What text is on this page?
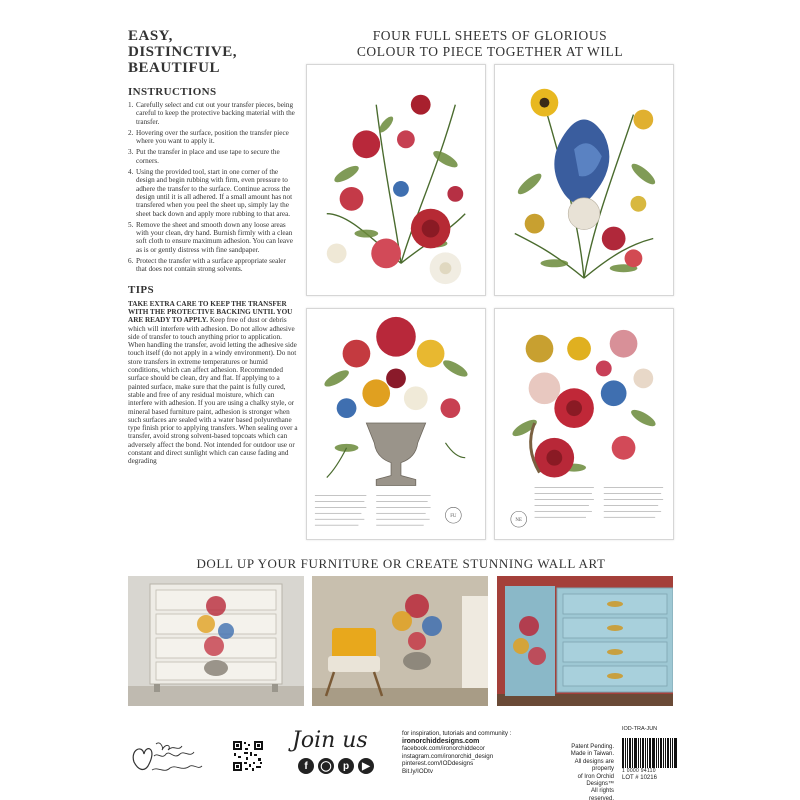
EASY,
DISTINCTIVE,
BEAUTIFUL
INSTRUCTIONS
1. Carefully select and cut out your transfer pieces, being careful to keep the protective backing material with the transfer.
2. Hovering over the surface, position the transfer piece where you want to apply it.
3. Put the transfer in place and use tape to secure the corners.
4. Using the provided tool, start in one corner of the design and begin rubbing with firm, even pressure to adhere the transfer to the surface. Continue across the design until it is all adhered. If a small amount has not transfered when you peel the sheet up, simply lay the sheet back down and apply more rubbing to that area.
5. Remove the sheet and smooth down any loose areas with your clean, dry hand. Burnish firmly with a clean soft cloth to ensure maximum adhesion. You can leave as is or gently distress with fine sandpaper.
6. Protect the transfer with a surface appropriate sealer that does not contain strong solvents.
TIPS

TAKE EXTRA CARE TO KEEP THE TRANSFER WITH THE PROTECTIVE BACKING UNTIL YOU ARE READY TO APPLY. Keep free of dust or debris which will interfere with adhesion. Do not allow adhesive side of transfer to touch anything prior to application. When handling the transfer, avoid letting the adhesive side touch itself (do not apply in a windy environment). Do not store transfers in extreme temperatures or humid conditions, which can affect adhesion. Recommended surface should be clean, dry and flat. If applying to a painted surface, make sure that the paint is fully cured, stable and free of any residual moisture, which can interfere with adhesion. If you are using a chalky style, or mineral based furniture paint, adhesion is stronger when such surfaces are sealed with a water based polyurethane type finish prior to applying transfers. When sealing over a transfer, avoid strong solvent-based topcoats which can adversely affect the bond. Not intended for outdoor use or constant and direct sunlight which can cause fading and degrading

FOUR FULL SHEETS OF GLORIOUS
COLOUR TO PIECE TOGETHER AT WILL
FU
NE
DOLL UP YOUR FURNITURE OR CREATE STUNNING WALL ART
Join us
f	◯	p	▶
for inspiration, tutorials and community :
ironorchiddesigns.com
facebook.com/ironorchiddecor
instagram.com/ironorchid_design
pinterest.com/IODdesigns
Bit.ly/IODtv
Patent Pending.
Made in Taiwan.
All designs are property
of Iron Orchid Designs™
All rights reserved.
IOD-TRA-JUN
1 0000 94110
LOT # 10216
